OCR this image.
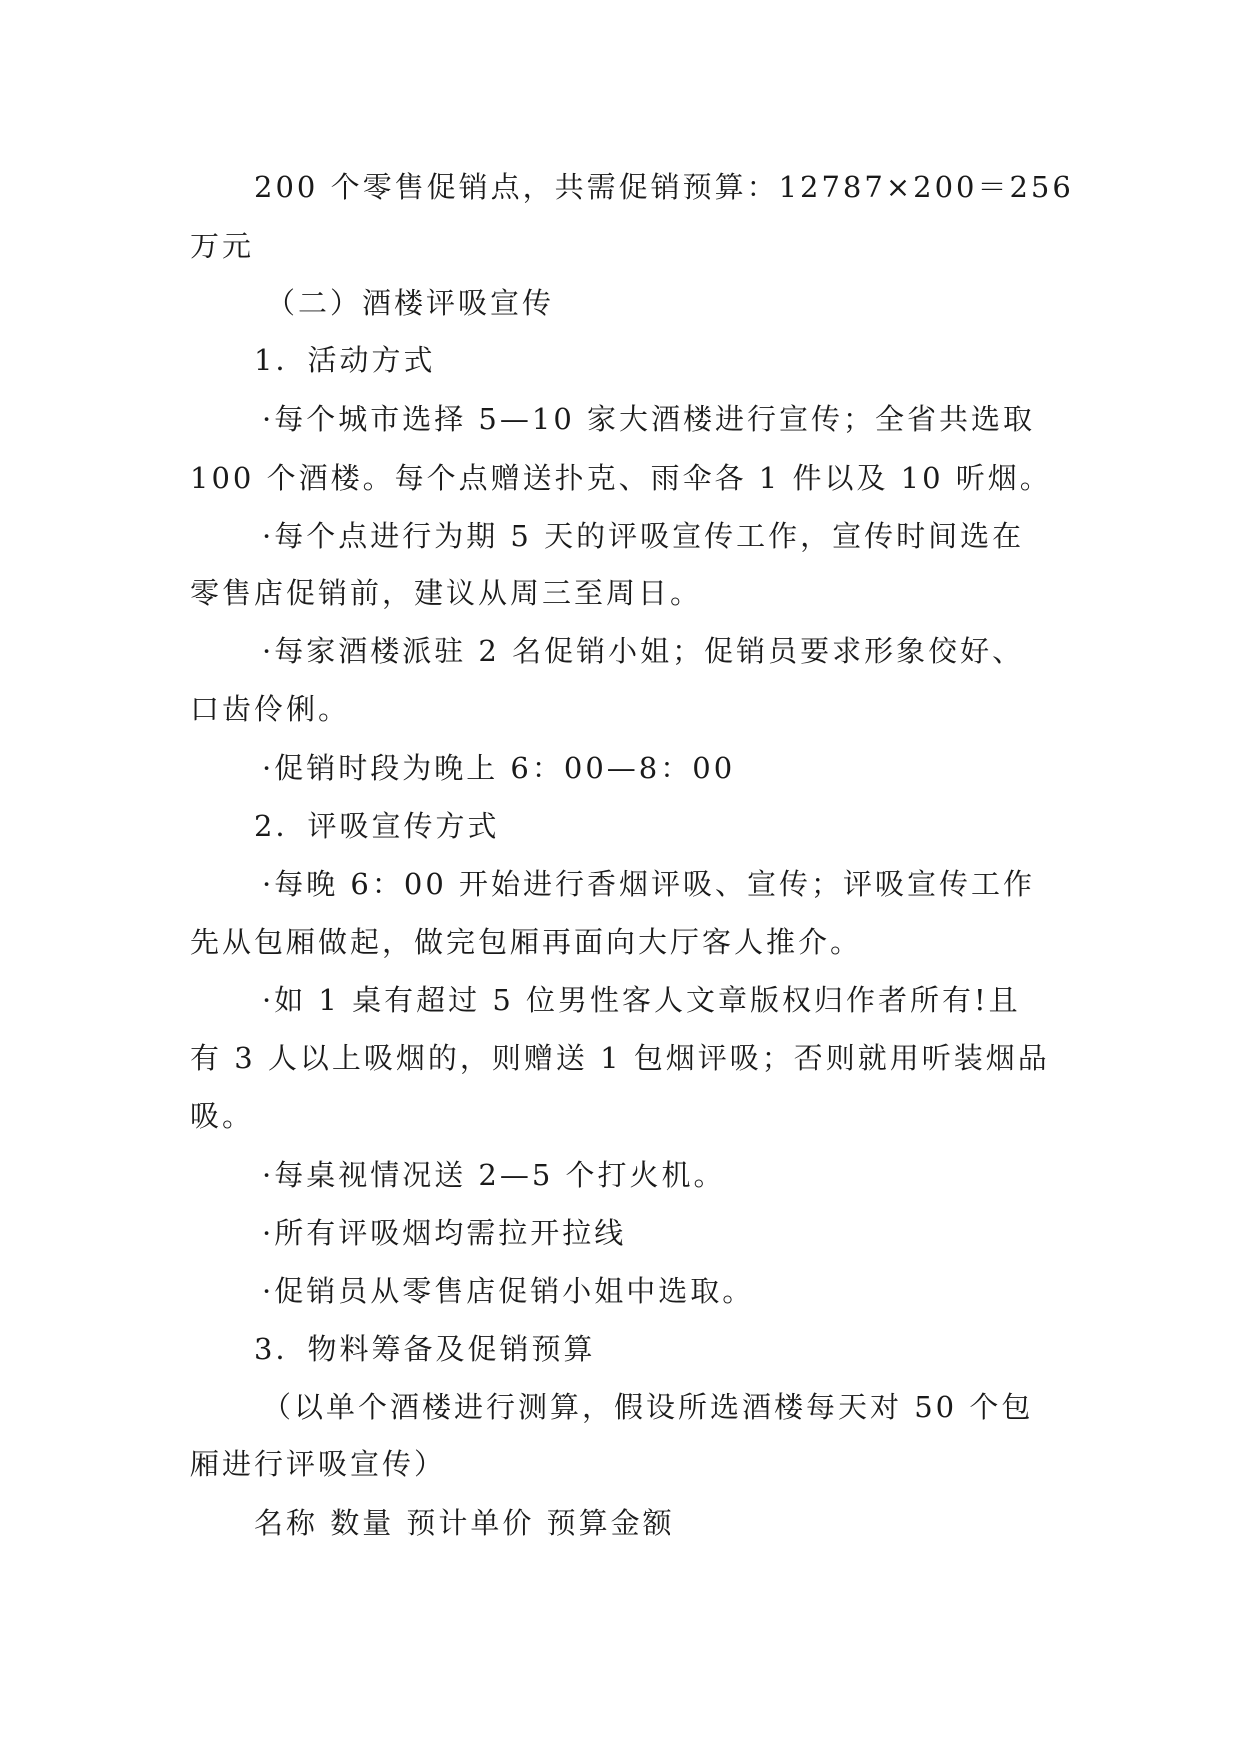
200 个零售促销点，共需促销预算：12787×200＝256
万元
（二）酒楼评吸宣传
1．活动方式
·每个城市选择 5—10 家大酒楼进行宣传；全省共选取
100 个酒楼。每个点赠送扑克、雨伞各 1 件以及 10 听烟。
·每个点进行为期 5 天的评吸宣传工作，宣传时间选在
零售店促销前，建议从周三至周日。
·每家酒楼派驻 2 名促销小姐；促销员要求形象佼好、
口齿伶俐。
·促销时段为晚上 6：00—8：00
2．评吸宣传方式
·每晚 6：00 开始进行香烟评吸、宣传；评吸宣传工作
先从包厢做起，做完包厢再面向大厅客人推介。
·如 1 桌有超过 5 位男性客人文章版权归作者所有!且
有 3 人以上吸烟的，则赠送 1 包烟评吸；否则就用听装烟品
吸。
·每桌视情况送 2—5 个打火机。
·所有评吸烟均需拉开拉线
·促销员从零售店促销小姐中选取。
3．物料筹备及促销预算
（以单个酒楼进行测算，假设所选酒楼每天对 50 个包
厢进行评吸宣传）
名称 数量 预计单价 预算金额
